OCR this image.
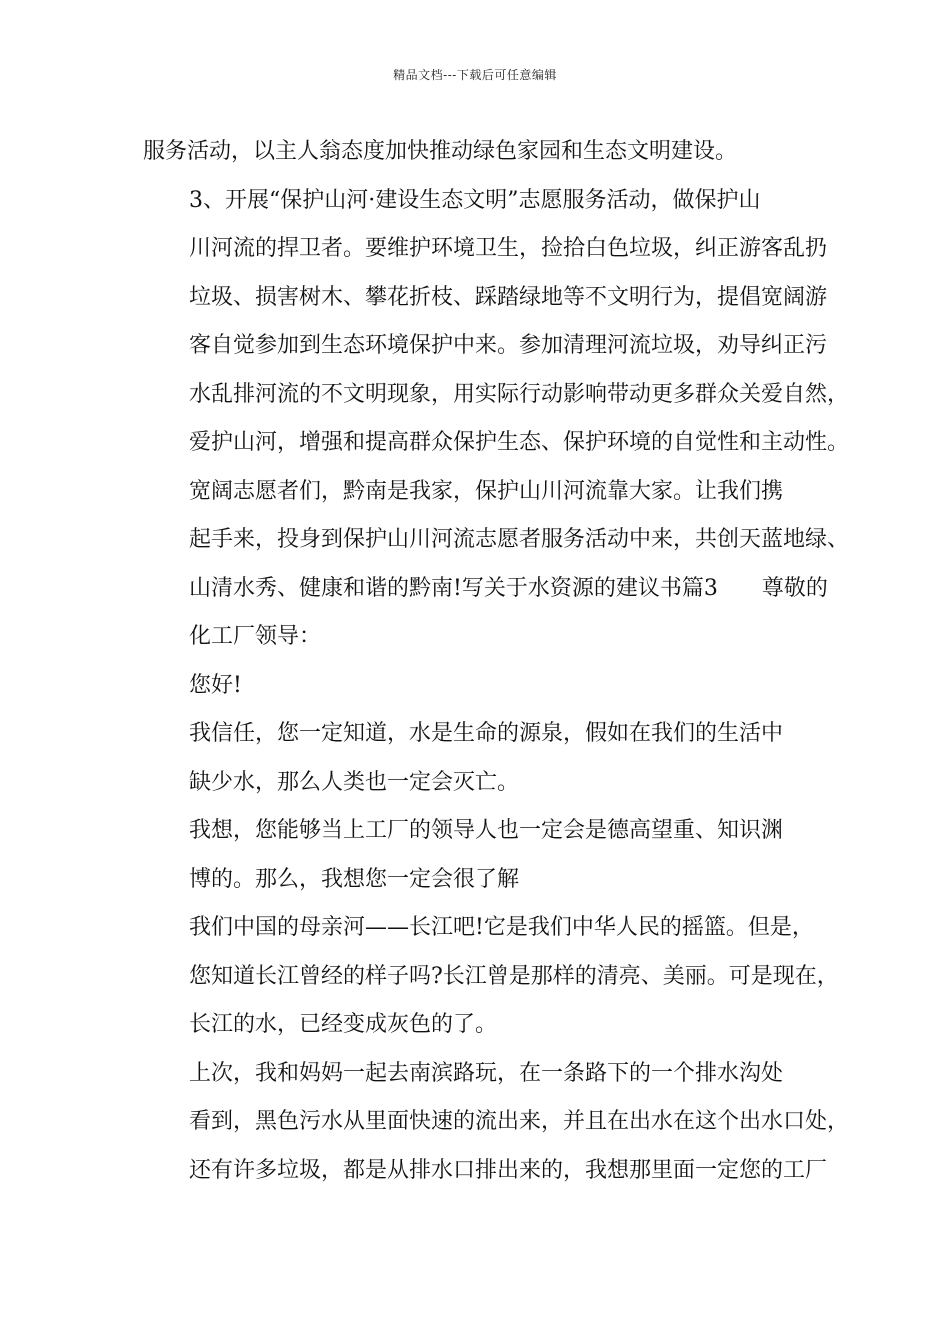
精品文档---下载后可任意编辑

服务活动，以主人翁态度加快推动绿色家园和生态文明建设。

3、开展“保护山河·建设生态文明”志愿服务活动，做保护山
川河流的捍卫者。要维护环境卫生，捡拾白色垃圾，纠正游客乱扔
垃圾、损害树木、攀花折枝、踩踏绿地等不文明行为，提倡宽阔游
客自觉参加到生态环境保护中来。参加清理河流垃圾，劝导纠正污
水乱排河流的不文明现象，用实际行动影响带动更多群众关爱自然，
爱护山河，增强和提高群众保护生态、保护环境的自觉性和主动性。

宽阔志愿者们，黔南是我家，保护山川河流靠大家。让我们携
起手来，投身到保护山川河流志愿者服务活动中来，共创天蓝地绿、
山清水秀、健康和谐的黔南!写关于水资源的建议书篇3　　尊敬的
化工厂领导：

您好!

我信任，您一定知道，水是生命的源泉，假如在我们的生活中
缺少水，那么人类也一定会灭亡。

我想，您能够当上工厂的领导人也一定会是德高望重、知识渊
博的。那么，我想您一定会很了解

我们中国的母亲河——长江吧!它是我们中华人民的摇篮。但是，
您知道长江曾经的样子吗?长江曾是那样的清亮、美丽。可是现在，
长江的水，已经变成灰色的了。

上次，我和妈妈一起去南滨路玩，在一条路下的一个排水沟处
看到，黑色污水从里面快速的流出来，并且在出水在这个出水口处，
还有许多垃圾，都是从排水口排出来的，我想那里面一定您的工厂
